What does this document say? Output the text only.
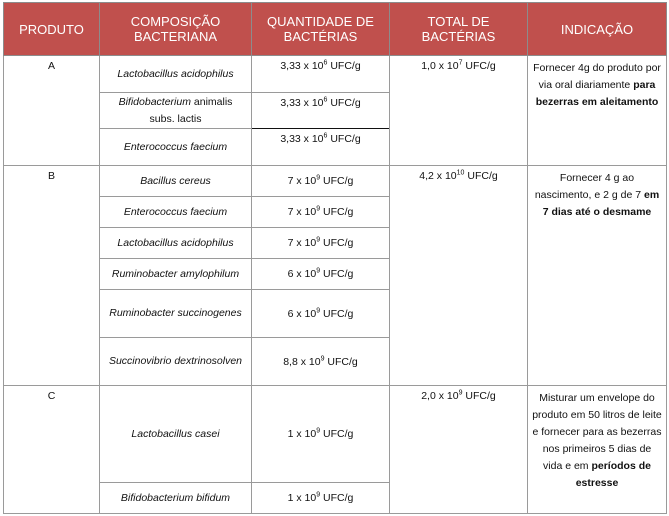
PRODUTO	COMPOSIÇÃO BACTERIANA	QUANTIDADE DE BACTÉRIAS	TOTAL DE BACTÉRIAS	INDICAÇÃO
A	Lactobacillus acidophilus	3,33 x $10^6$ UFC/g	1,0 x $10^7$ UFC/g	Fornecer 4g do produto por via oral diariamente para bezerras em aleitamento
	Bifidobacterium animalis subs. lactis	3,33 x $10^6$ UFC/g		
	Enterococcus faecium	3,33 x $10^6$ UFC/g		
B	Bacillus cereus	7 x $10^9$ UFC/g	4,2 x $10^{10}$ UFC/g	Fornecer 4 g ao nascimento, e 2 g de 7 em 7 dias até o desmame
	Enterococcus faecium	7 x $10^9$ UFC/g		
	Lactobacillus acidophilus	7 x $10^9$ UFC/g		
	Ruminobacter amylophilum	6 x $10^9$ UFC/g		
	Ruminobacter succinogenes	6 x $10^9$ UFC/g		
	Succinovibrio dextrinosolven	8,8 x $10^9$ UFC/g		
C	Lactobacillus casei	1 x $10^9$ UFC/g	2,0 x $10^9$ UFC/g	Misturar um envelope do produto em 50 litros de leite e fornecer para as bezerras nos primeiros 5 dias de vida e em períodos de estresse
	Bifidobacterium bifidum	1 x $10^9$ UFC/g		
